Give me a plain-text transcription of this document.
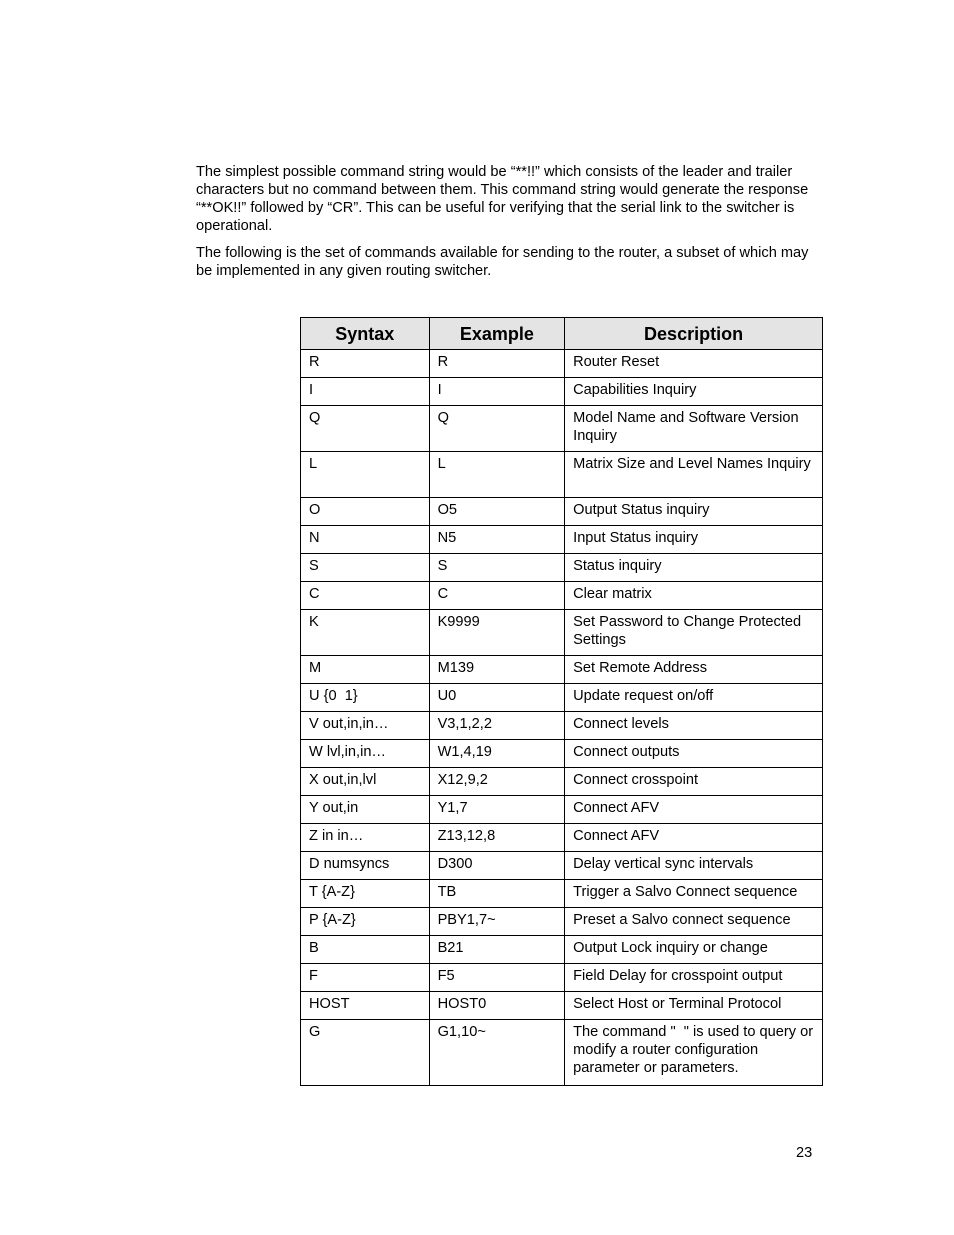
The simplest possible command string would be “**!!” which consists of the leader and trailer characters but no command between them. This command string would generate the response “**OK!!” followed by “CR”. This can be useful for verifying that the serial link to the switcher is operational.

The following is the set of commands available for sending to the router, a subset of which may be implemented in any given routing switcher.

Syntax	Example	Description
R	R	Router Reset
I	I	Capabilities Inquiry
Q	Q	Model Name and Software Version Inquiry
L	L	Matrix Size and Level Names Inquiry
O	O5	Output Status inquiry
N	N5	Input Status inquiry
S	S	Status inquiry
C	C	Clear matrix
K	K9999	Set Password to Change Protected Settings
M	M139	Set Remote Address
U {0  1}	U0	Update request on/off
V out,in,in…	V3,1,2,2	Connect levels
W lvl,in,in…	W1,4,19	Connect outputs
X out,in,lvl	X12,9,2	Connect crosspoint
Y out,in	Y1,7	Connect AFV
Z in in…	Z13,12,8	Connect AFV
D numsyncs	D300	Delay vertical sync intervals
T {A-Z}	TB	Trigger a Salvo Connect sequence
P {A-Z}	PBY1,7~	Preset a Salvo connect sequence
B	B21	Output Lock inquiry or change
F	F5	Field Delay for crosspoint output
HOST	HOST0	Select Host or Terminal Protocol
G	G1,10~	The command "  " is used to query or modify a router configuration parameter or parameters.
23
